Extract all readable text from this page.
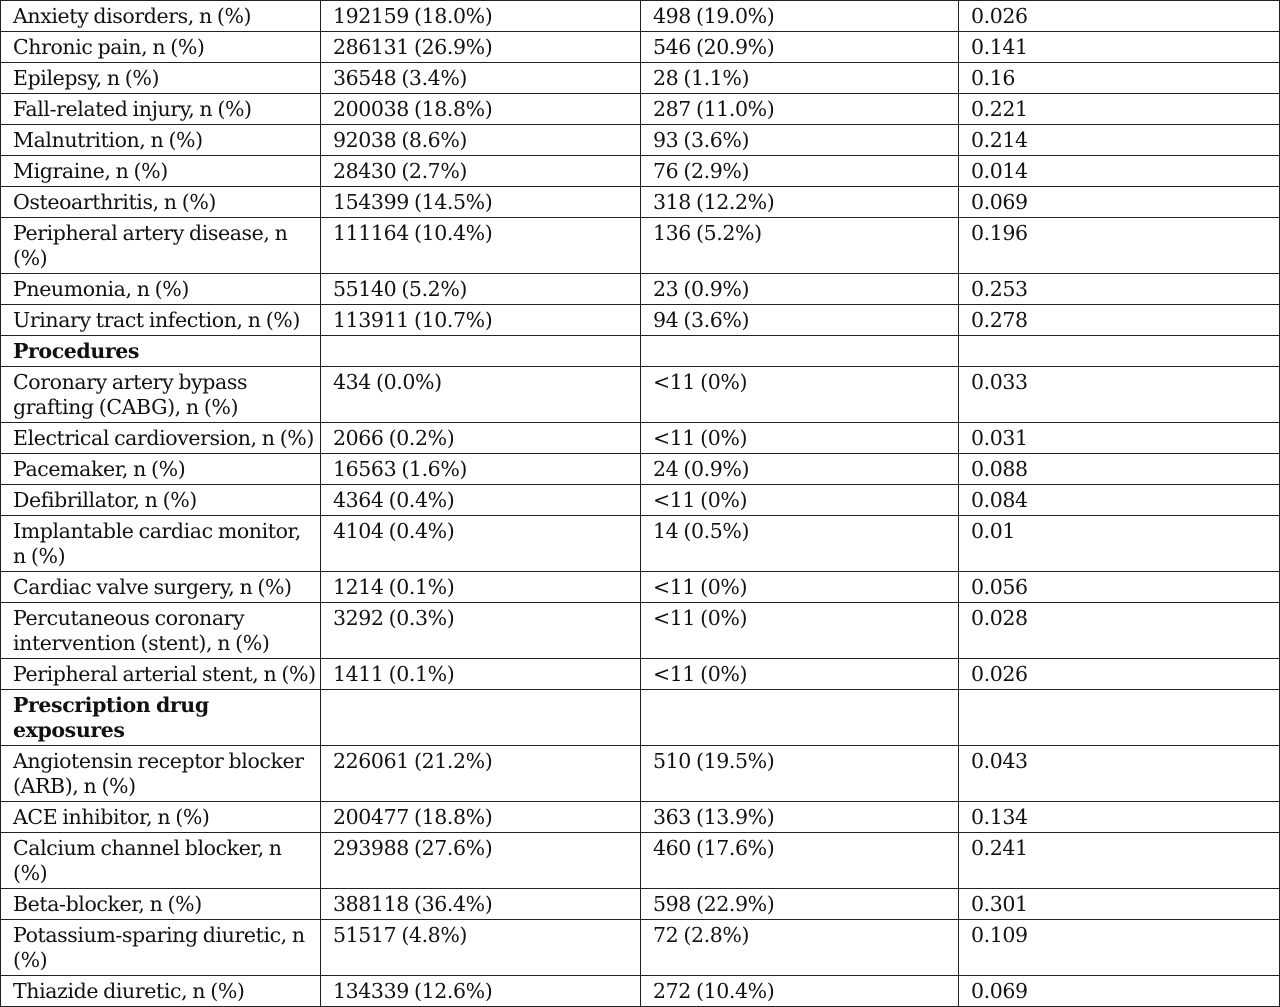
Anxiety disorders, n (%)	192159 (18.0%)	498 (19.0%)	0.026
Chronic pain, n (%)	286131 (26.9%)	546 (20.9%)	0.141
Epilepsy, n (%)	36548 (3.4%)	28 (1.1%)	0.16
Fall-related injury, n (%)	200038 (18.8%)	287 (11.0%)	0.221
Malnutrition, n (%)	92038 (8.6%)	93 (3.6%)	0.214
Migraine, n (%)	28430 (2.7%)	76 (2.9%)	0.014
Osteoarthritis, n (%)	154399 (14.5%)	318 (12.2%)	0.069
Peripheral artery disease, n (%)	111164 (10.4%)	136 (5.2%)	0.196
Pneumonia, n (%)	55140 (5.2%)	23 (0.9%)	0.253
Urinary tract infection, n (%)	113911 (10.7%)	94 (3.6%)	0.278
Procedures			
Coronary artery bypass grafting (CABG), n (%)	434 (0.0%)	<11 (0%)	0.033
Electrical cardioversion, n (%)	2066 (0.2%)	<11 (0%)	0.031
Pacemaker, n (%)	16563 (1.6%)	24 (0.9%)	0.088
Defibrillator, n (%)	4364 (0.4%)	<11 (0%)	0.084
Implantable cardiac monitor, n (%)	4104 (0.4%)	14 (0.5%)	0.01
Cardiac valve surgery, n (%)	1214 (0.1%)	<11 (0%)	0.056
Percutaneous coronary intervention (stent), n (%)	3292 (0.3%)	<11 (0%)	0.028
Peripheral arterial stent, n (%)	1411 (0.1%)	<11 (0%)	0.026
Prescription drug exposures			
Angiotensin receptor blocker (ARB), n (%)	226061 (21.2%)	510 (19.5%)	0.043
ACE inhibitor, n (%)	200477 (18.8%)	363 (13.9%)	0.134
Calcium channel blocker, n (%)	293988 (27.6%)	460 (17.6%)	0.241
Beta-blocker, n (%)	388118 (36.4%)	598 (22.9%)	0.301
Potassium-sparing diuretic, n (%)	51517 (4.8%)	72 (2.8%)	0.109
Thiazide diuretic, n (%)	134339 (12.6%)	272 (10.4%)	0.069
